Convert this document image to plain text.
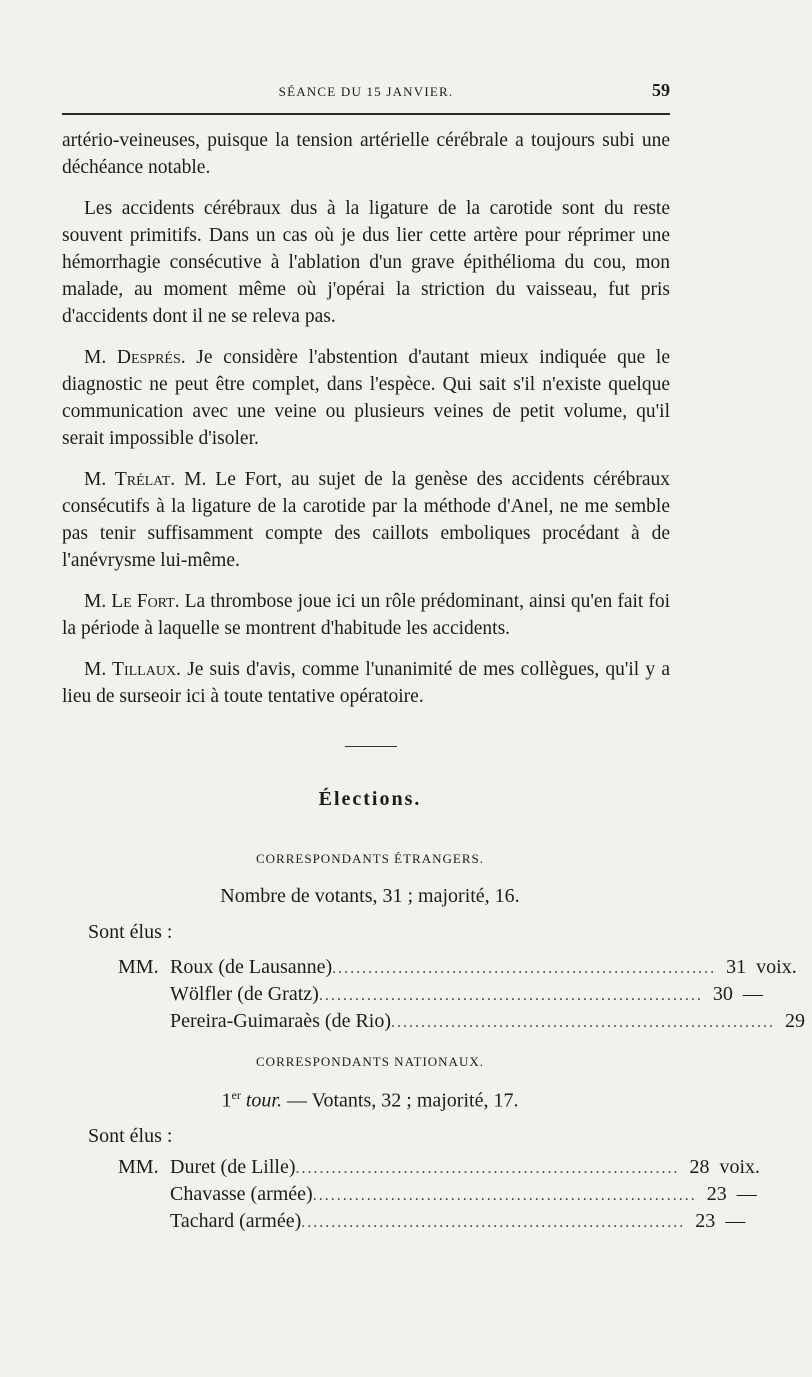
SÉANCE DU 15 JANVIER.	59

artério-veineuses, puisque la tension artérielle cérébrale a toujours subi une déchéance notable.

Les accidents cérébraux dus à la ligature de la carotide sont du reste souvent primitifs. Dans un cas où je dus lier cette artère pour réprimer une hémorrhagie consécutive à l'ablation d'un grave épithélioma du cou, mon malade, au moment même où j'opérai la striction du vaisseau, fut pris d'accidents dont il ne se releva pas.

M. Després. Je considère l'abstention d'autant mieux indiquée que le diagnostic ne peut être complet, dans l'espèce. Qui sait s'il n'existe quelque communication avec une veine ou plusieurs veines de petit volume, qu'il serait impossible d'isoler.

M. Trélat. M. Le Fort, au sujet de la genèse des accidents cérébraux consécutifs à la ligature de la carotide par la méthode d'Anel, ne me semble pas tenir suffisamment compte des caillots emboliques procédant à de l'anévrysme lui-même.

M. Le Fort. La thrombose joue ici un rôle prédominant, ainsi qu'en fait foi la période à laquelle se montrent d'habitude les accidents.

M. Tillaux. Je suis d'avis, comme l'unanimité de mes collègues, qu'il y a lieu de surseoir ici à toute tentative opératoire.

Élections.
CORRESPONDANTS ÉTRANGERS.
Nombre de votants, 31 ; majorité, 16.
Sont élus :
MM. Roux (de Lausanne) ................................................................ 31 voix.
Wölfler (de Gratz) ................................................................ 30 —
Pereira-Guimaraès (de Rio) ................................................................ 29
CORRESPONDANTS NATIONAUX.
1er tour. — Votants, 32 ; majorité, 17.
Sont élus :
MM. Duret (de Lille) ................................................................ 28 voix.
Chavasse (armée) ................................................................ 23 —
Tachard (armée) ................................................................ 23 —
